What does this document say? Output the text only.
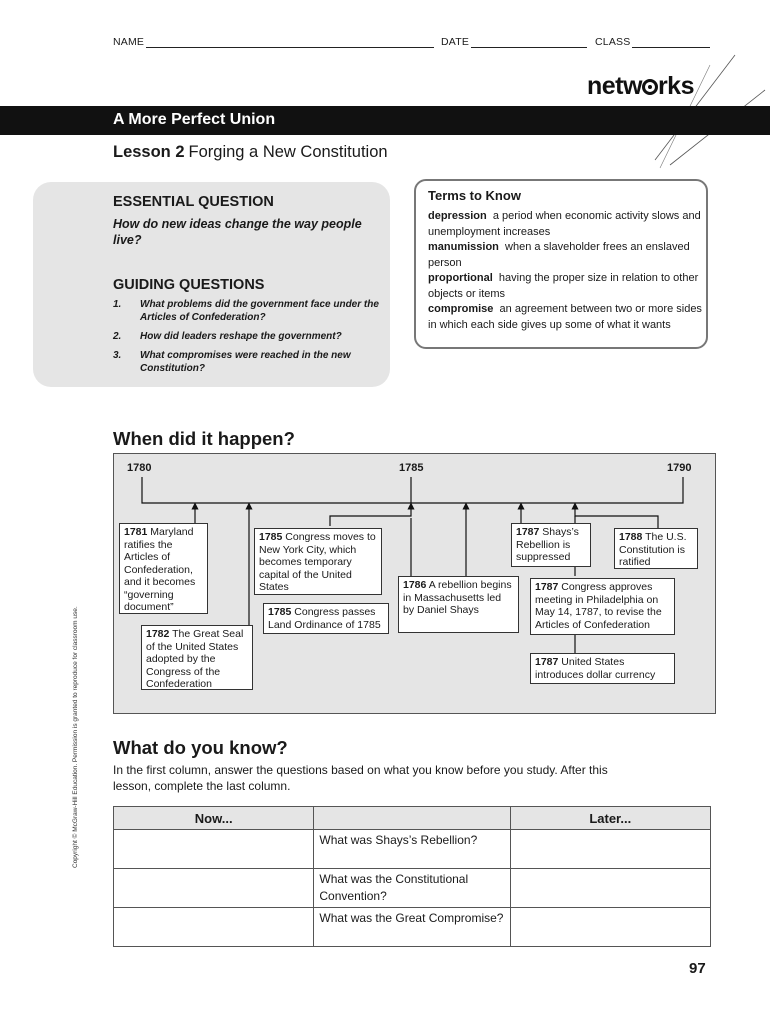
NAME	DATE	CLASS
netw rks
A More Perfect Union
Lesson 2 Forging a New Constitution
ESSENTIAL QUESTION
How do new ideas change the way people live?
GUIDING QUESTIONS
1.	What problems did the government face under the Articles of Confederation?
2.	How did leaders reshape the government?
3.	What compromises were reached in the new Constitution?
Terms to Know
depression a period when economic activity slows and unemployment increases
manumission when a slaveholder frees an enslaved person
proportional having the proper size in relation to other objects or items
compromise an agreement between two or more sides in which each side gives up some of what it wants
When did it happen?
1780	1785	1790
1781 Maryland ratifies the Articles of Confederation, and it becomes “governing document”
1782 The Great Seal of the United States adopted by the Congress of the Confederation
1785 Congress moves to New York City, which becomes temporary capital of the United States
1785 Congress passes Land Ordinance of 1785
1786 A rebellion begins in Massachusetts led by Daniel Shays
1787 Shays’s Rebellion is suppressed
1788 The U.S. Constitution is ratified
1787 Congress approves meeting in Philadelphia on May 14, 1787, to revise the Articles of Confederation
1787 United States introduces dollar currency
What do you know?
In the first column, answer the questions based on what you know before you study. After this lesson, complete the last column.
Now...		Later...
	What was Shays’s Rebellion?	
	What was the Constitutional Convention?	
	What was the Great Compromise?	
Copyright © McGraw-Hill Education. Permission is granted to reproduce for classroom use.
97
